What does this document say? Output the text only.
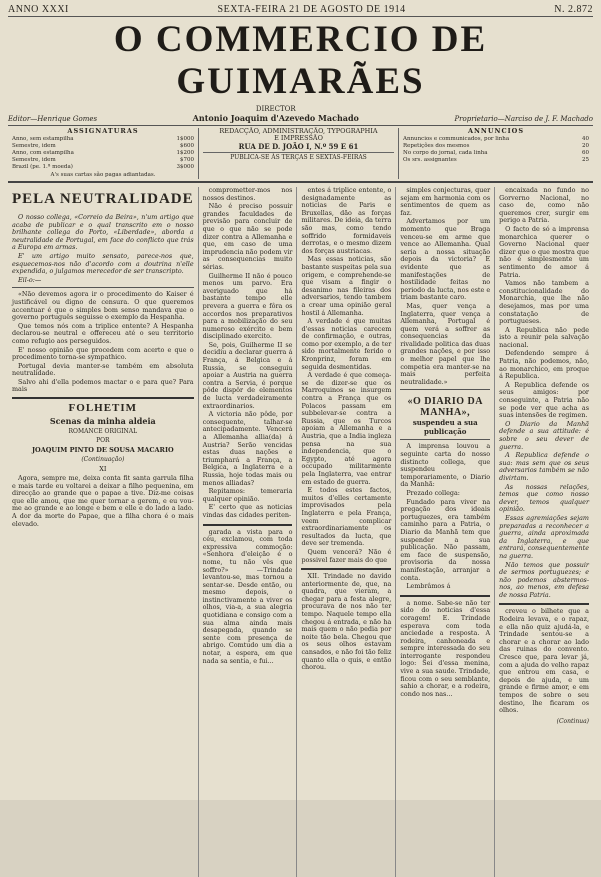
ANNO XXXI	SEXTA-FEIRA 21 DE AGOSTO DE 1914	N. 2.872
O COMMERCIO DE GUIMARÃES
Editor—Henrique Gomes
DIRECTOR
Antonio Joaquim d'Azevedo Machado	Proprietario—Narciso de J. F. Machado
ASSIGNATURAS
Anno, sem estampilha	1$000
Semestre, idem	$600
Anno, com estampilha	1$200
Semestre, idem	$700
Brazil (pe. 1.ª moeda)	3$000
A's suas cartas são pagas adiantadas.
REDACÇÃO, ADMINISTRAÇÃO, TYPOGRAPHIA
E IMPRESSÃO
RUA DE D. JOÃO I, N.º 59 E 61
PUBLICA-SE ÀS TERÇAS E SEXTAS-FEIRAS
ANNUNCIOS
Annuncios e communicados, por linha	40
Repetições dos mesmos	20
No corpo do jornal, cada linha	60
Os srs. assignantes	25
PELA NEUTRALIDADE

O nosso collega, «Correio da Beira», n'um artigo que acaba de publicar e o qual transcrito em o nosso brilhante collega do Porto, «Liberdade», aborda a neutralidade de Portugal, em face do conflicto que trás a Europa em armas.

E' um artigo muito sensato, parece-nos que, esquecemos-nos não d'acordo com a doutrina n'elle expendida, o julgamos merecedor de ser transcripto.

Eil-o:—

«Não devemos agora ir o procedimento do Kaiser é justificável ou digno de censura. O que queremos accentuar é que o simples bom senso mandava que o governo português seguisse o exemplo da Hespanha.

Que temos nós com a triplice entente? A Hespanha declarou-se neutral e offereceu até o seu territorio como refugio aos perseguidos.

E' nosso opinião que procedem com acerto e que o procedimento torna-se sympathico.

Portugal devia manter-se também em absoluta neutralidade.

Salvo ahi d'ella podemos mactar o e para que? Para mais

FOLHETIM
Scenas da minha aldeia
ROMANCE ORIGINAL
POR
JOAQUIM PINTO DE SOUSA MACARIO
(Continuação)
XI

Agora, sempre me, deixa conta fit santa garrula filha e mais tarde eu voltarei a deixar a filho pequenina, em direcção ao grande que o papae a tive. Diz-me coisas que elle amou, que me quer tornar a gerem, e eu vou-me ao grande e ao longe e bem e elle e do lado a lado. A dor da morte do Papae, que a filha chora é o mais elevado.

comprometter-mos nos nossos destinos.

Não é preciso possuir grandes faculdades de previsão para concluir de que o que não se pode dizer contra a Allemanha e que, em caso de uma imprudencia não podem vir as consequencias muito sérias.

Guilherme II não é pouco menos um parvo. Era averiguado que há bastante tempo elle prevera a guerra e fôra os accordos nos preparativos para a mobilização do seu numeroso exército e bem disciplinado exercito.

Se, pois, Guilherme II se decidiu a declarar guerra á França, á Belgica e á Russia, se conseguiu apoiar a Austria na guerra contra a Servia, é porque pôde dispôr de elementos de lucta verdadeiramente extraordinarios.

A victoria não pôde, por consequente, talhar-se antecipadamente. Vencerá a Allemanha allia(da) á Austria? Serão vencidas estas duas nações e triumphará a França, a Belgica, a Inglaterra e a Russia, hoje todas mais ou menos alliadas?

Repitamos: temeraria qualquer opinião.

E' certo que as noticias vindas das cidades periten-

garada a vista para o céu, exclamou, com toda expressiva commoção: «Senhora d'eleição é o nome, tu não vês que soffro?» —Trindade levantou-se, mas tornou a sentar-se. Desde então, ou mesmo depois, o instinctivamente a viver os olhos, via-a, a sua alegria quotidiana e consigo com a sua alma ainda mais desapegada, quando se sente com presença de abrigo. Comtudo um dia a notar, a espera, em que nada sa sentia, e fui...

entes á triplice entente, o designadamente as noticias de Paris e Bruxellas, dão as forças militares. De ideia, da terra são mas, como tendo soffrido formidaveis derrotas, e o mesmo dizem dos forças austriacas.

Mas essas noticias, são bastante suspeitas pela sua origem, e comprehende-se que visam a fingir o desanimo nas fileiras dos adversarios, tendo tambem a crear uma opinião geral hostil á Allemanha.

A verdade é que muitas d'essas noticias carecem de confirmação, e outras, como por exemplo, a de ter sido mortalmente ferido o Kronprinz, foram em seguida desmentidas.

A verdade é que começa-se de dizer-se que os Marroquinos se insurgem contra a França que os Polacos passam em subbelevar-se contra a Russia, que os Turcos apoiam a Allemanha e a Austria, que a India ingleza pensa na sua independencia, que o Egypto, até agora occupado militarmente pela Inglaterra, vae entrar em estado de guerra.

E todos estes factos, muitos d'elles certamente improvisados pela Inglaterra e pela França, veem complicar extraordinariamente os resultados da lucta, que deve ser tremenda.

Quem vencerá? Não é possivel fazer mais do que

XII. Trindade no davido anteriormente de, que, na quadra, que vieram, a chegar para a festa alegre, procurava de nos não ter tempo. Naquele tempo ella chegou á entrada, e não ha mais quem o não pedia por noite tão bela. Chegou que os seus olhos estavam cansados, e não foi tão feliz quanto ella o quis, e então chorou.

simples conjecturas, quer sejam em harmonia com os sentimentos de quem as faz.

Advertamos por um momento que Braga venceu-se em arme que vence ao Allemanha. Qual seria a nossa situação depois da victoria? E evidente que as manifestações de hostilidade feitas no periodo da lucta, nos este e triam bastante caro.

Mas, quer vença a Inglaterra, quer vença a Allemanha, Portugal é quem verá a soffrer as consequencias da rivalidade politica das duas grandes nações, e por isso o melhor papel que lhe competia era manter-se na mais perfeita neutralidade.»

«O DIARIO DA MANHA»,
suspendeu a sua publicação

A imprensa louvou a seguinte carta do nosso distincto collega, que suspendeu temporariamente, o Diario da Manhã:

Prezado collega:

Fundado para viver na pregação dos ideais portuguezes, era também caminho para a Patria, o Diario da Manhã tem que suspender a sua publicação. Não passam, em face de suspensão, provisoria da nossa manifestação, arranjar a conta.

Lembrâmos á

a nome. Sabe-se não ter sido do noticias d'essa coragem! E. Trindade esperava com toda anciedade a resposta. A rodeira, canhoneada e sempre interessada do seu interrogante respondeu logo: Sei d'essa menina, vive a sua saude. Trindade, ficou com o seu semblante, sahio a chorar, e a rodeira, condo nos nas...

encaixada no fundo no Gorverno Nacional, no caso de, como não queremos crer, surgir em perigo a Patria.

O facto de só a imprensa monarchica querer o Governo Nacional quer dizer que o que mostra que não é simplesmente um sentimento de amor á Patria.

Vamos não tambem a constitucionalidade do Monarchia, que lhe não desejamos, mas por uma constatação de portugueses.

A Republica não pede isto a reunir pela salvação nacional.

Defendendo sempre á Patria, não podemos, não, ao monarchico, em proque á Republica.

A Republica defende os seus amigos: por conseguinte, a Patria não se pode ver que acha as suas intensões de regimen.

O Diario da Manhã defende a sua attitude: é sobre o seu dever de guerra.

A Republica defende o sua: mas sem que os seus adversarios também se não divirtam.

As nossas relações, temos que como nosso dever, temos qualquer opinião.

Essas agremiações sejam preparadas a reconhecer a guerra, ainda aproximada da Inglaterra, e que entrará, consequentemente na guerra.

Não temos que possuir de sermos portuguezes; e não podemos abstermos-nos, ao menos, em defesa de nossa Patria.

creveu o bilhete que a Rodeira levava, e o rapaz, e ella não quiz ajudá-la, e Trindade sentou-se a chorar e a chorar ao lado das ruinas do convento. Cresce que, para levar já, com a ajuda do velho rapaz que entrou em casa, e depois de ajuda, e um grande e firme amor, e em tempos de sobre o seu destino, lhe ficaram os olhos.

(Continua)
